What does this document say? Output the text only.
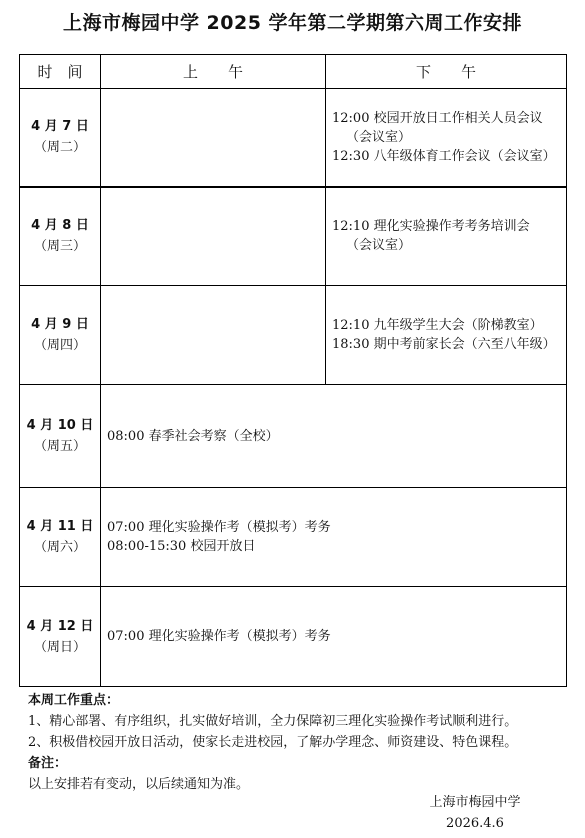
上海市梅园中学 2025 学年第二学期第六周工作安排
时　间	上　　午	下　　午
4 月 7 日
（周二）		12:00 校园开放日工作相关人员会议
（会议室）
12:30 八年级体育工作会议（会议室）

4 月 8 日
（周三）		12:10 理化实验操作考考务培训会
（会议室）

4 月 9 日
（周四）		12:10 九年级学生大会（阶梯教室）
18:30 期中考前家长会（六至八年级）

4 月 10 日
（周五）	08:00 春季社会考察（全校）	

4 月 11 日
（周六）	07:00 理化实验操作考（模拟考）考务
08:00-15:30 校园开放日	

4 月 12 日
（周日）	07:00 理化实验操作考（模拟考）考务	
本周工作重点：
1、精心部署、有序组织，扎实做好培训，全力保障初三理化实验操作考试顺利进行。
2、积极借校园开放日活动，使家长走进校园，了解办学理念、师资建设、特色课程。
备注：
以上安排若有变动，以后续通知为准。
上海市梅园中学
2026.4.6
